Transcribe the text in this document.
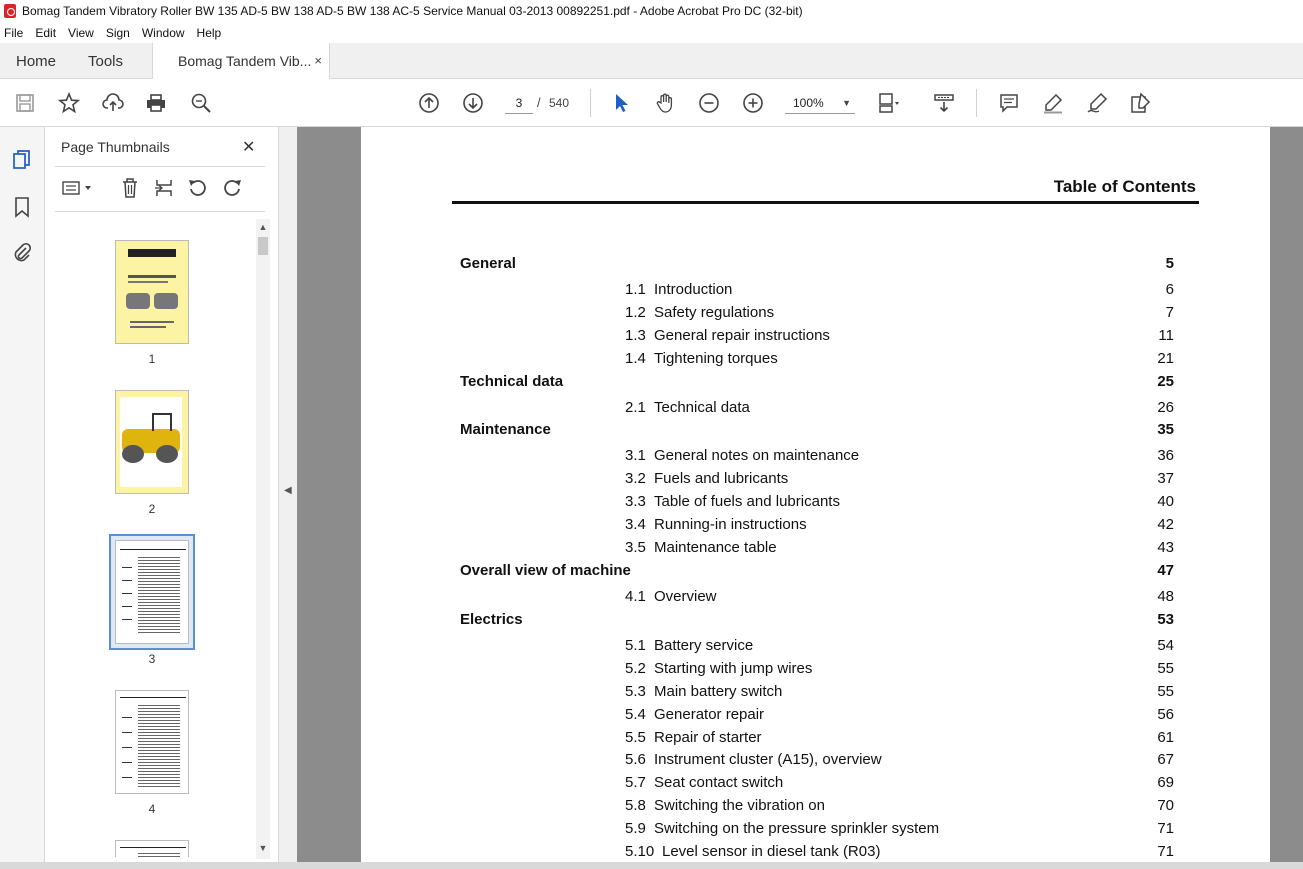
Bomag Tandem Vibratory Roller BW 135 AD-5 BW 138 AD-5 BW 138 AC-5 Service Manual 03-2013 00892251.pdf - Adobe Acrobat Pro DC (32-bit)
File Edit View Sign Window Help
Home Tools	Bomag Tandem Vib... ×
3	/ 540	100% ▼
Page Thumbnails	✕
1
2
3
4
▲
▼
◀
Table of Contents
General	5
1.1 Introduction	6
1.2 Safety regulations	7
1.3 General repair instructions	11
1.4 Tightening torques	21
Technical data	25
2.1 Technical data	26
Maintenance	35
3.1 General notes on maintenance	36
3.2 Fuels and lubricants	37
3.3 Table of fuels and lubricants	40
3.4 Running-in instructions	42
3.5 Maintenance table	43
Overall view of machine	47
4.1 Overview	48
Electrics	53
5.1 Battery service	54
5.2 Starting with jump wires	55
5.3 Main battery switch	55
5.4 Generator repair	56
5.5 Repair of starter	61
5.6 Instrument cluster (A15), overview	67
5.7 Seat contact switch	69
5.8 Switching the vibration on	70
5.9 Switching on the pressure sprinkler system	71
5.10 Level sensor in diesel tank (R03)	71
